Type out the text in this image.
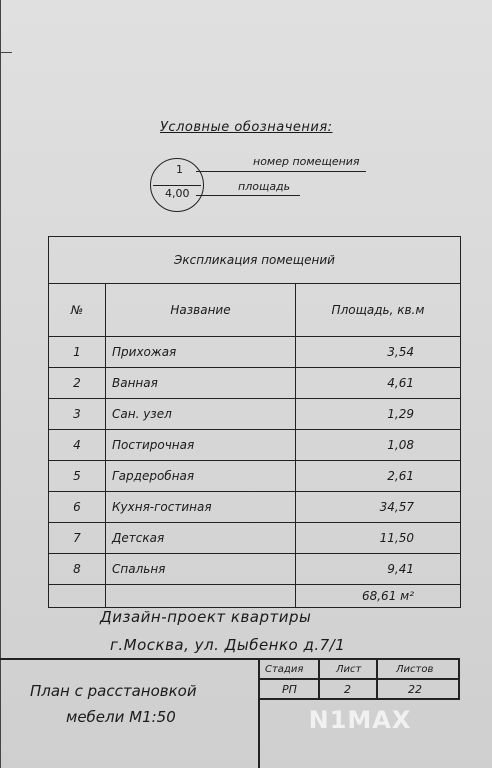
Условные обозначения:
1
4,00
номер помещения
площадь
Экспликация помещений		
№	Название	Площадь, кв.м
1	Прихожая	3,54
2	Ванная	4,61
3	Сан. узел	1,29
4	Постирочная	1,08
5	Гардеробная	2,61
6	Кухня-гостиная	34,57
7	Детская	11,50
8	Спальня	9,41
		68,61 м²
Дизайн-проект квартиры
г.Москва, ул. Дыбенко д.7/1
Стадия	Лист	Листов
РП	2	22
План с расстановкой
мебели М1:50	N1MAX
